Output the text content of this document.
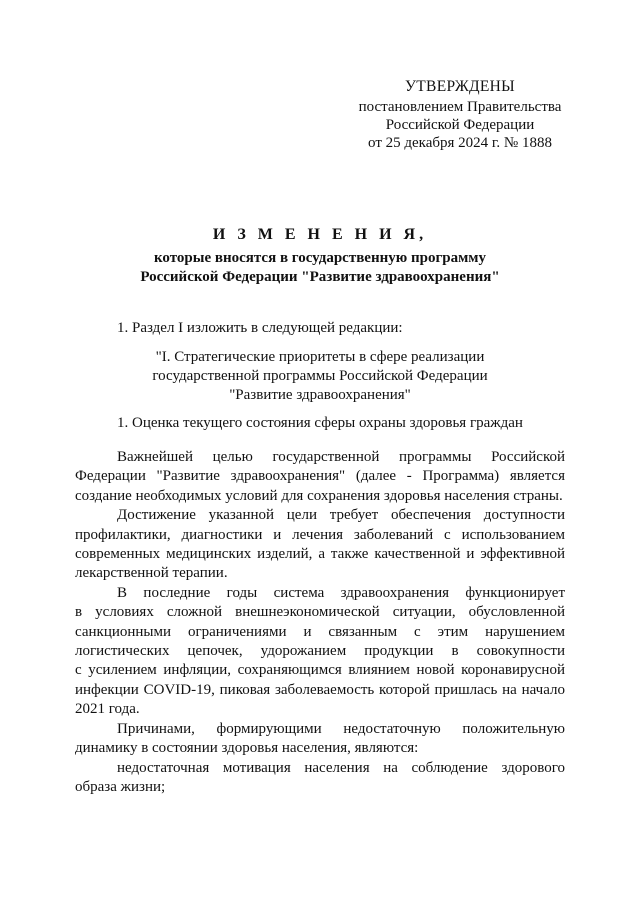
УТВЕРЖДЕНЫ
постановлением Правительства
Российской Федерации
от 25 декабря 2024 г. № 1888
И З М Е Н Е Н И Я,
которые вносятся в государственную программу
Российской Федерации "Развитие здравоохранения"
1. Раздел I изложить в следующей редакции:
"I. Стратегические приоритеты в сфере реализации
государственной программы Российской Федерации
"Развитие здравоохранения"
1. Оценка текущего состояния сферы охраны здоровья граждан
Важнейшей целью государственной программы Российской
Федерации "Развитие здравоохранения" (далее - Программа) является
создание необходимых условий для сохранения здоровья населения страны.
Достижение указанной цели требует обеспечения доступности
профилактики, диагностики и лечения заболеваний с использованием
современных медицинских изделий, а также качественной и эффективной
лекарственной терапии.
В последние годы система здравоохранения функционирует
в условиях сложной внешнеэкономической ситуации, обусловленной
санкционными ограничениями и связанным с этим нарушением
логистических цепочек, удорожанием продукции в совокупности
с усилением инфляции, сохраняющимся влиянием новой коронавирусной
инфекции COVID-19, пиковая заболеваемость которой пришлась на начало
2021 года.
Причинами, формирующими недостаточную положительную
динамику в состоянии здоровья населения, являются:
недостаточная мотивация населения на соблюдение здорового
образа жизни;
